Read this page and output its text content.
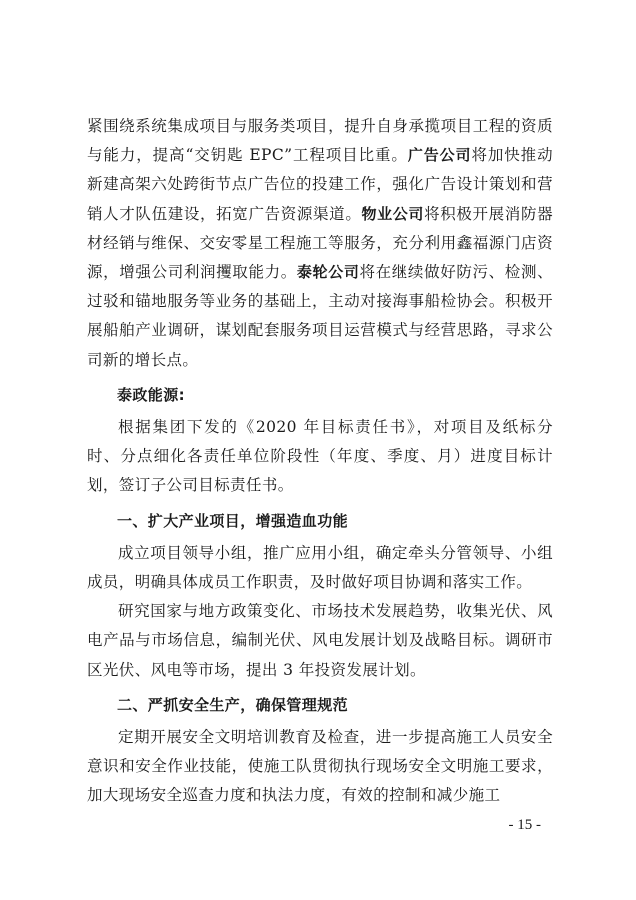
紧围绕系统集成项目与服务类项目，提升自身承揽项目工程的资质与能力，提高“交钥匙 EPC”工程项目比重。广告公司将加快推动新建高架六处跨街节点广告位的投建工作，强化广告设计策划和营销人才队伍建设，拓宽广告资源渠道。物业公司将积极开展消防器材经销与维保、交安零星工程施工等服务，充分利用鑫福源门店资源，增强公司利润攫取能力。泰轮公司将在继续做好防污、检测、过驳和锚地服务等业务的基础上，主动对接海事船检协会。积极开展船舶产业调研，谋划配套服务项目运营模式与经营思路，寻求公司新的增长点。

泰政能源:

根据集团下发的《2020 年目标责任书》，对项目及纸标分时、分点细化各责任单位阶段性（年度、季度、月）进度目标计划，签订子公司目标责任书。

一、扩大产业项目，增强造血功能

成立项目领导小组，推广应用小组，确定牵头分管领导、小组成员，明确具体成员工作职责，及时做好项目协调和落实工作。

研究国家与地方政策变化、市场技术发展趋势，收集光伏、风电产品与市场信息，编制光伏、风电发展计划及战略目标。调研市区光伏、风电等市场，提出 3 年投资发展计划。

二、严抓安全生产，确保管理规范

定期开展安全文明培训教育及检查，进一步提高施工人员安全意识和安全作业技能，使施工队贯彻执行现场安全文明施工要求，加大现场安全巡查力度和执法力度，有效的控制和减少施工

- 15 -
